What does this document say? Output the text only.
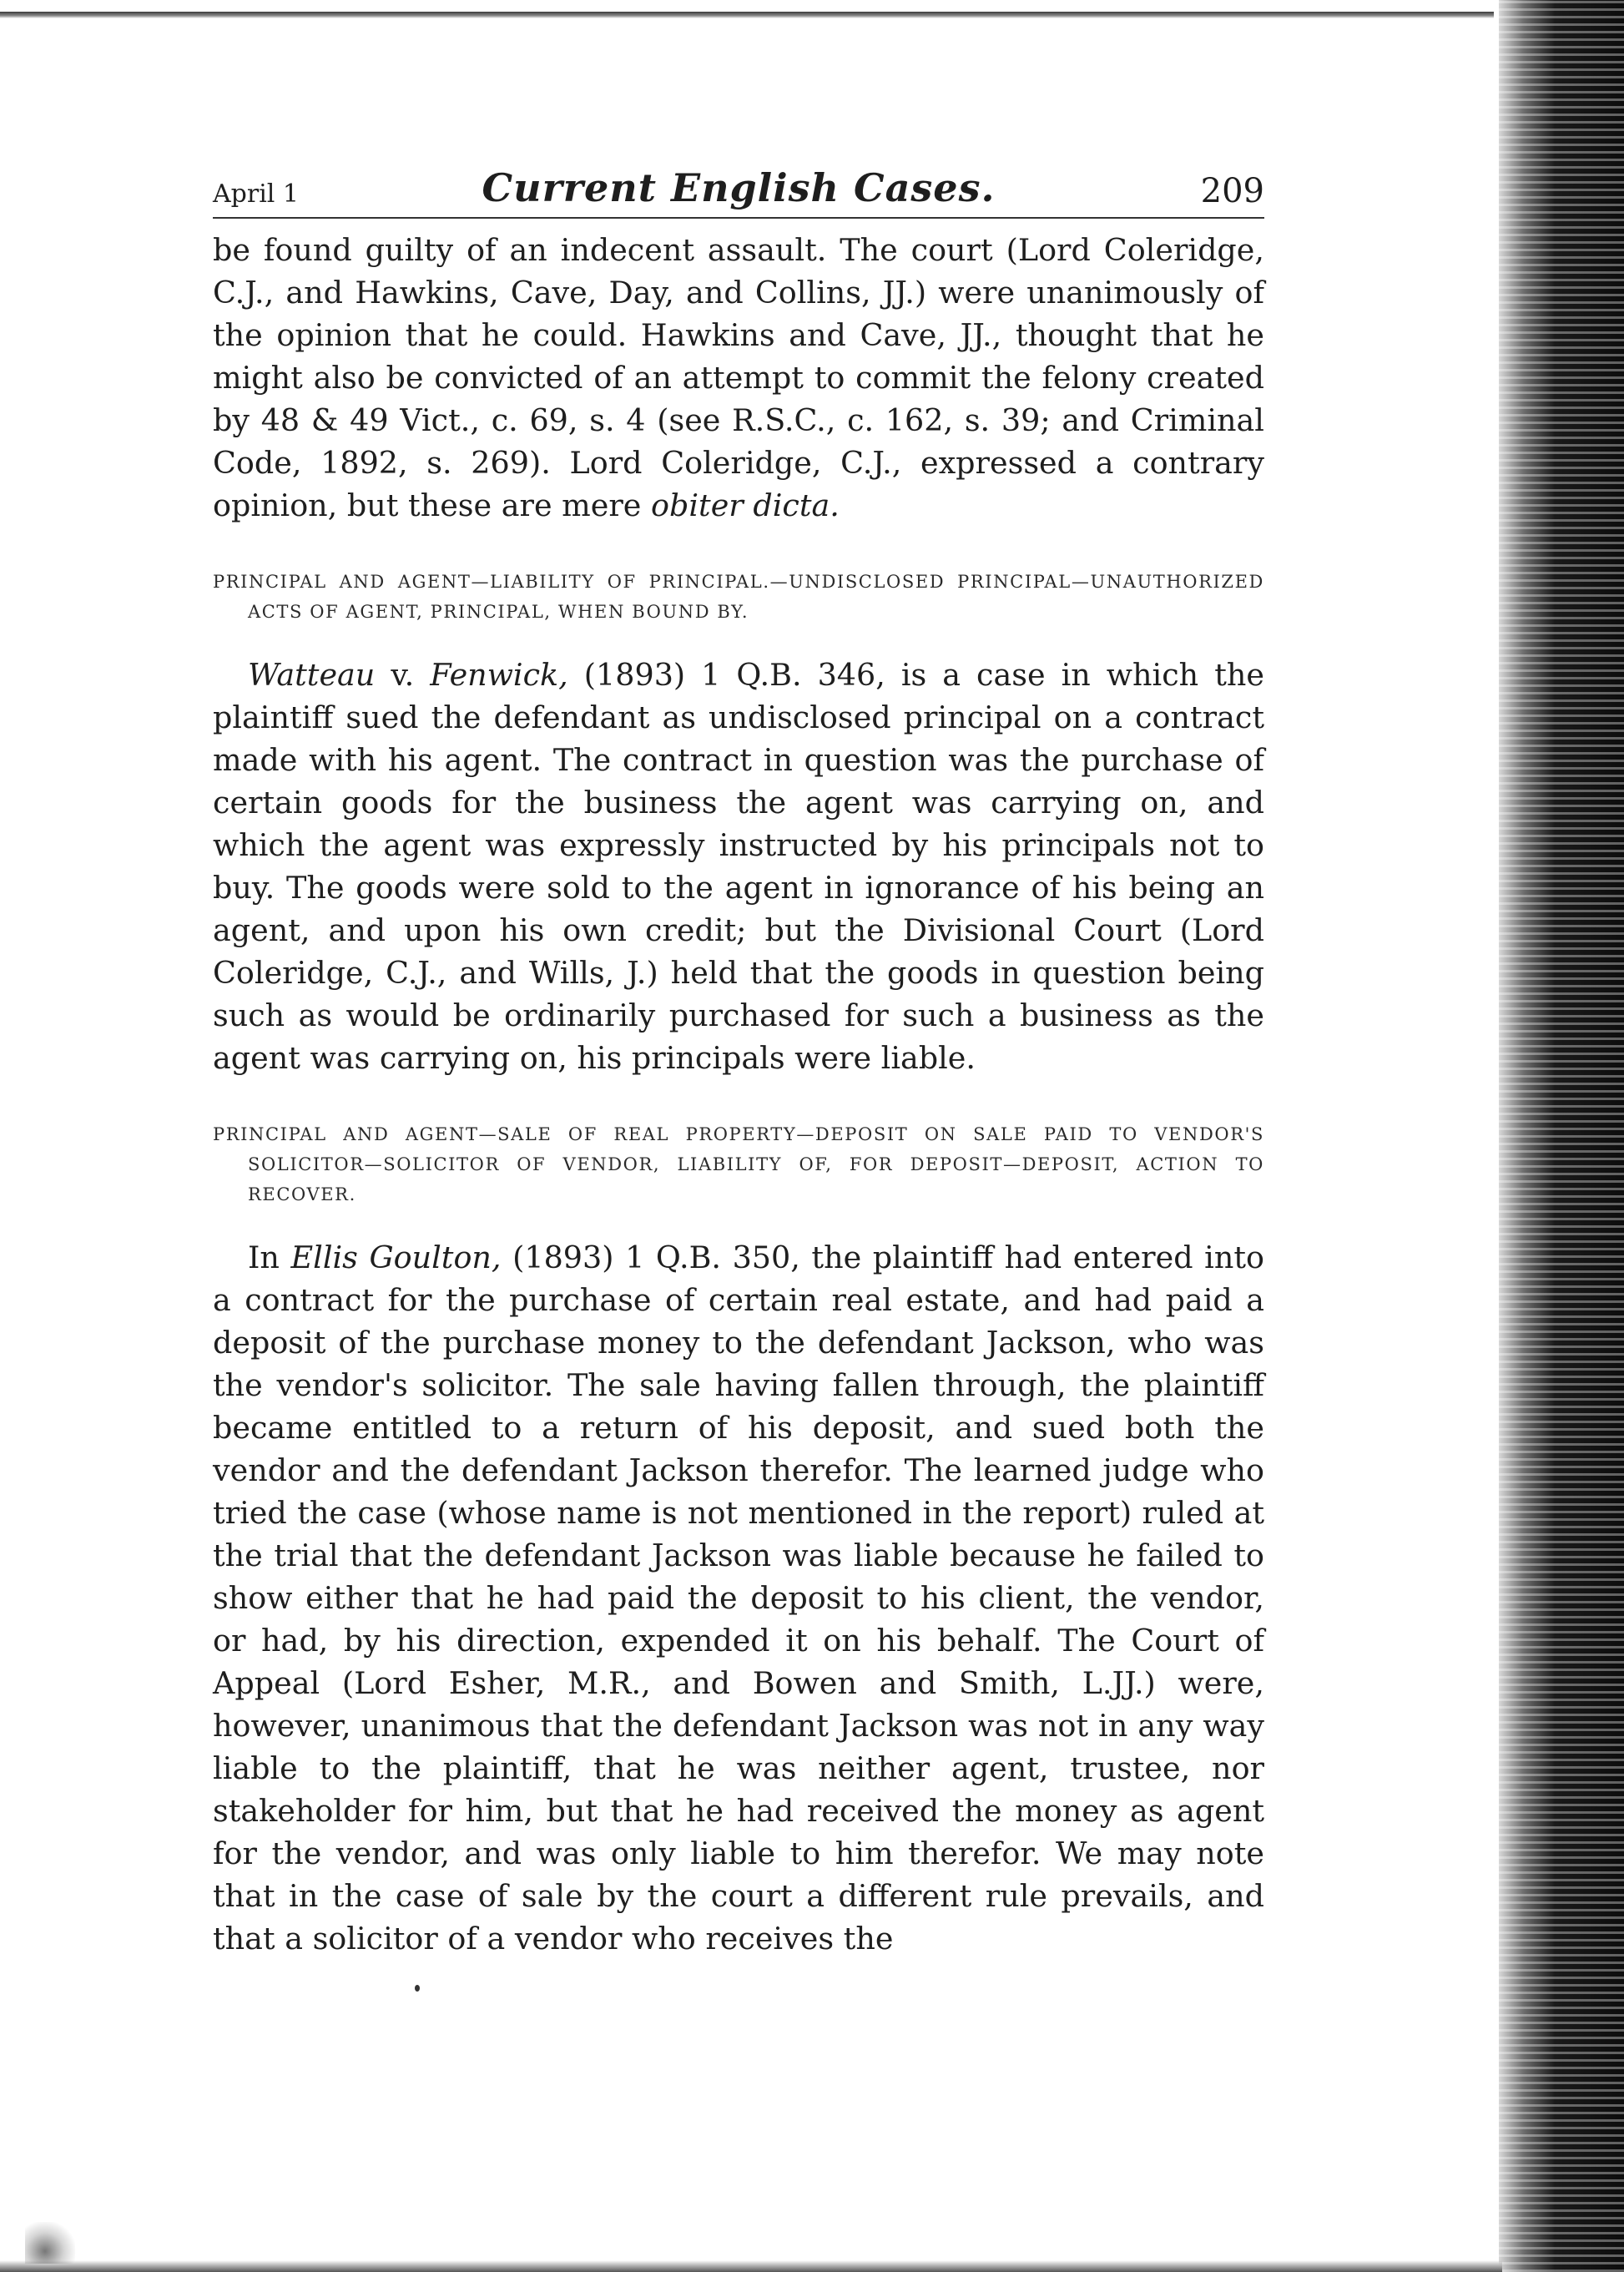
April 1	Current English Cases.	209

be found guilty of an indecent assault. The court (Lord Coleridge, C.J., and Hawkins, Cave, Day, and Collins, JJ.) were unanimously of the opinion that he could. Hawkins and Cave, JJ., thought that he might also be convicted of an attempt to commit the felony created by 48 & 49 Vict., c. 69, s. 4 (see R.S.C., c. 162, s. 39; and Criminal Code, 1892, s. 269). Lord Coleridge, C.J., expressed a contrary opinion, but these are mere obiter dicta.

PRINCIPAL AND AGENT—LIABILITY OF PRINCIPAL.—UNDISCLOSED PRINCIPAL—UNAUTHORIZED ACTS OF AGENT, PRINCIPAL, WHEN BOUND BY.

Watteau v. Fenwick, (1893) 1 Q.B. 346, is a case in which the plaintiff sued the defendant as undisclosed principal on a contract made with his agent. The contract in question was the purchase of certain goods for the business the agent was carrying on, and which the agent was expressly instructed by his principals not to buy. The goods were sold to the agent in ignorance of his being an agent, and upon his own credit; but the Divisional Court (Lord Coleridge, C.J., and Wills, J.) held that the goods in question being such as would be ordinarily purchased for such a business as the agent was carrying on, his principals were liable.

PRINCIPAL AND AGENT—SALE OF REAL PROPERTY—DEPOSIT ON SALE PAID TO VENDOR'S SOLICITOR—SOLICITOR OF VENDOR, LIABILITY OF, FOR DEPOSIT—DEPOSIT, ACTION TO RECOVER.

In Ellis Goulton, (1893) 1 Q.B. 350, the plaintiff had entered into a contract for the purchase of certain real estate, and had paid a deposit of the purchase money to the defendant Jackson, who was the vendor's solicitor. The sale having fallen through, the plaintiff became entitled to a return of his deposit, and sued both the vendor and the defendant Jackson therefor. The learned judge who tried the case (whose name is not mentioned in the report) ruled at the trial that the defendant Jackson was liable because he failed to show either that he had paid the deposit to his client, the vendor, or had, by his direction, expended it on his behalf. The Court of Appeal (Lord Esher, M.R., and Bowen and Smith, L.JJ.) were, however, unanimous that the defendant Jackson was not in any way liable to the plaintiff, that he was neither agent, trustee, nor stakeholder for him, but that he had received the money as agent for the vendor, and was only liable to him therefor. We may note that in the case of sale by the court a different rule prevails, and that a solicitor of a vendor who receives the
